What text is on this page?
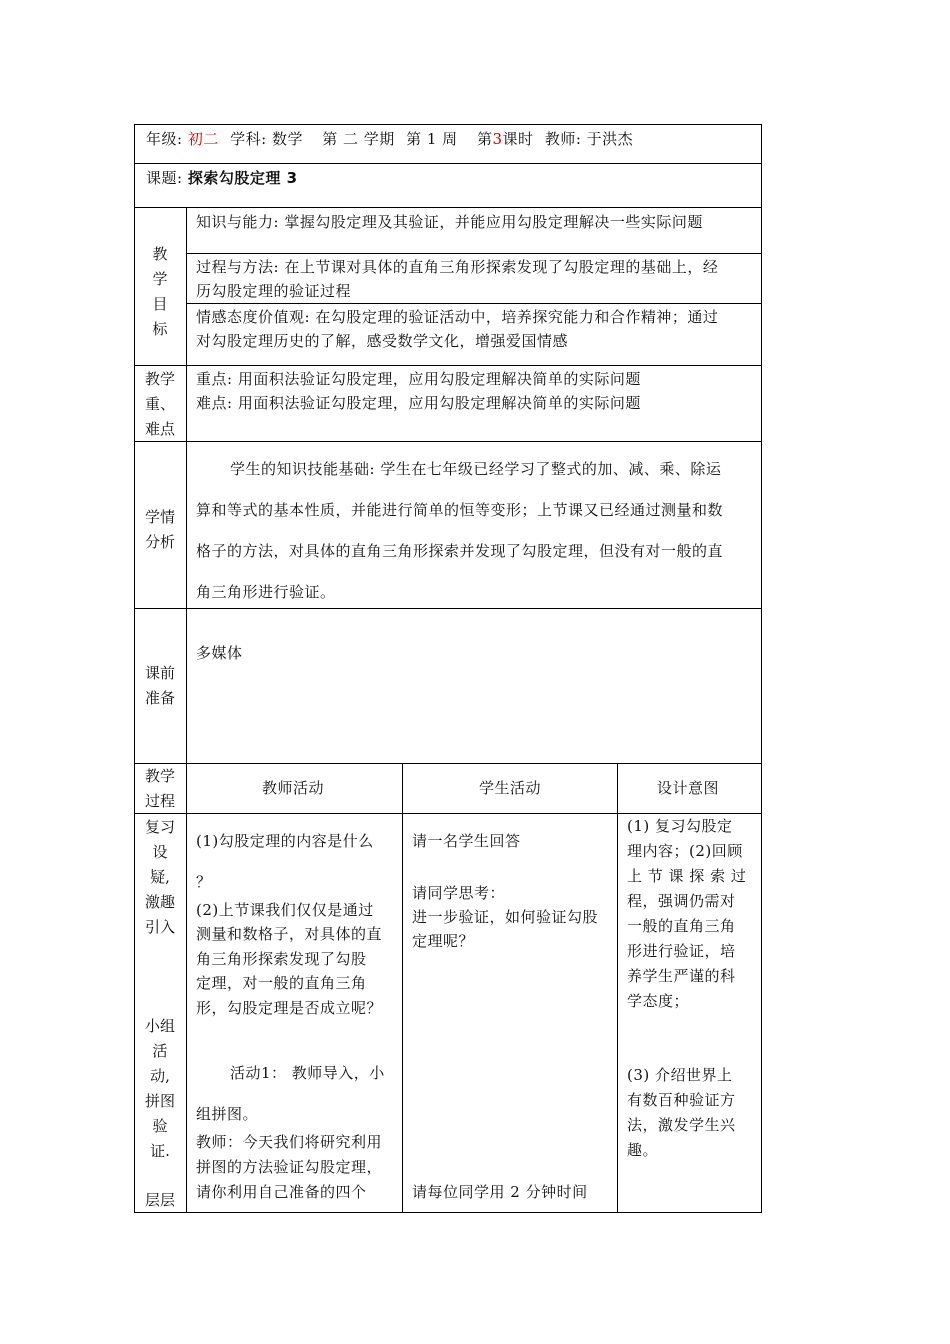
年级: 初二 学科: 数学 第 二 学期 第 1 周 第3课时 教师: 于洪杰
课题: 探索勾股定理 3
教
学
目
标
知识与能力: 掌握勾股定理及其验证，并能应用勾股定理解决一些实际问题
过程与方法: 在上节课对具体的直角三角形探索发现了勾股定理的基础上，经
历勾股定理的验证过程
情感态度价值观: 在勾股定理的验证活动中，培养探究能力和合作精神；通过
对勾股定理历史的了解，感受数学文化，增强爱国情感
教学
重、
难点
重点: 用面积法验证勾股定理，应用勾股定理解决简单的实际问题
难点: 用面积法验证勾股定理，应用勾股定理解决简单的实际问题
学情
分析
学生的知识技能基础: 学生在七年级已经学习了整式的加、减、乘、除运
算和等式的基本性质，并能进行简单的恒等变形；上节课又已经通过测量和数
格子的方法，对具体的直角三角形探索并发现了勾股定理，但没有对一般的直
角三角形进行验证。
课前
准备
多媒体
教学
过程
教师活动	学生活动	设计意图
复习
设
疑,
激趣
引入
小组
活
动,
拼图
验
证.
层层
(1)勾股定理的内容是什么
？
(2)上节课我们仅仅是通过
测量和数格子，对具体的直
角三角形探索发现了勾股
定理，对一般的直角三角
形，勾股定理是否成立呢？
活动1： 教师导入，小
组拼图。
教师：今天我们将研究利用
拼图的方法验证勾股定理，
请你利用自己准备的四个
请一名学生回答
请同学思考：
进一步验证，如何验证勾股
定理呢？
请每位同学用 2 分钟时间
(1) 复习勾股定
理内容；(2)回顾
上 节 课 探 索 过
程，强调仍需对
一般的直角三角
形进行验证，培
养学生严谨的科
学态度；
(3) 介绍世界上
有数百种验证方
法，激发学生兴
趣。
